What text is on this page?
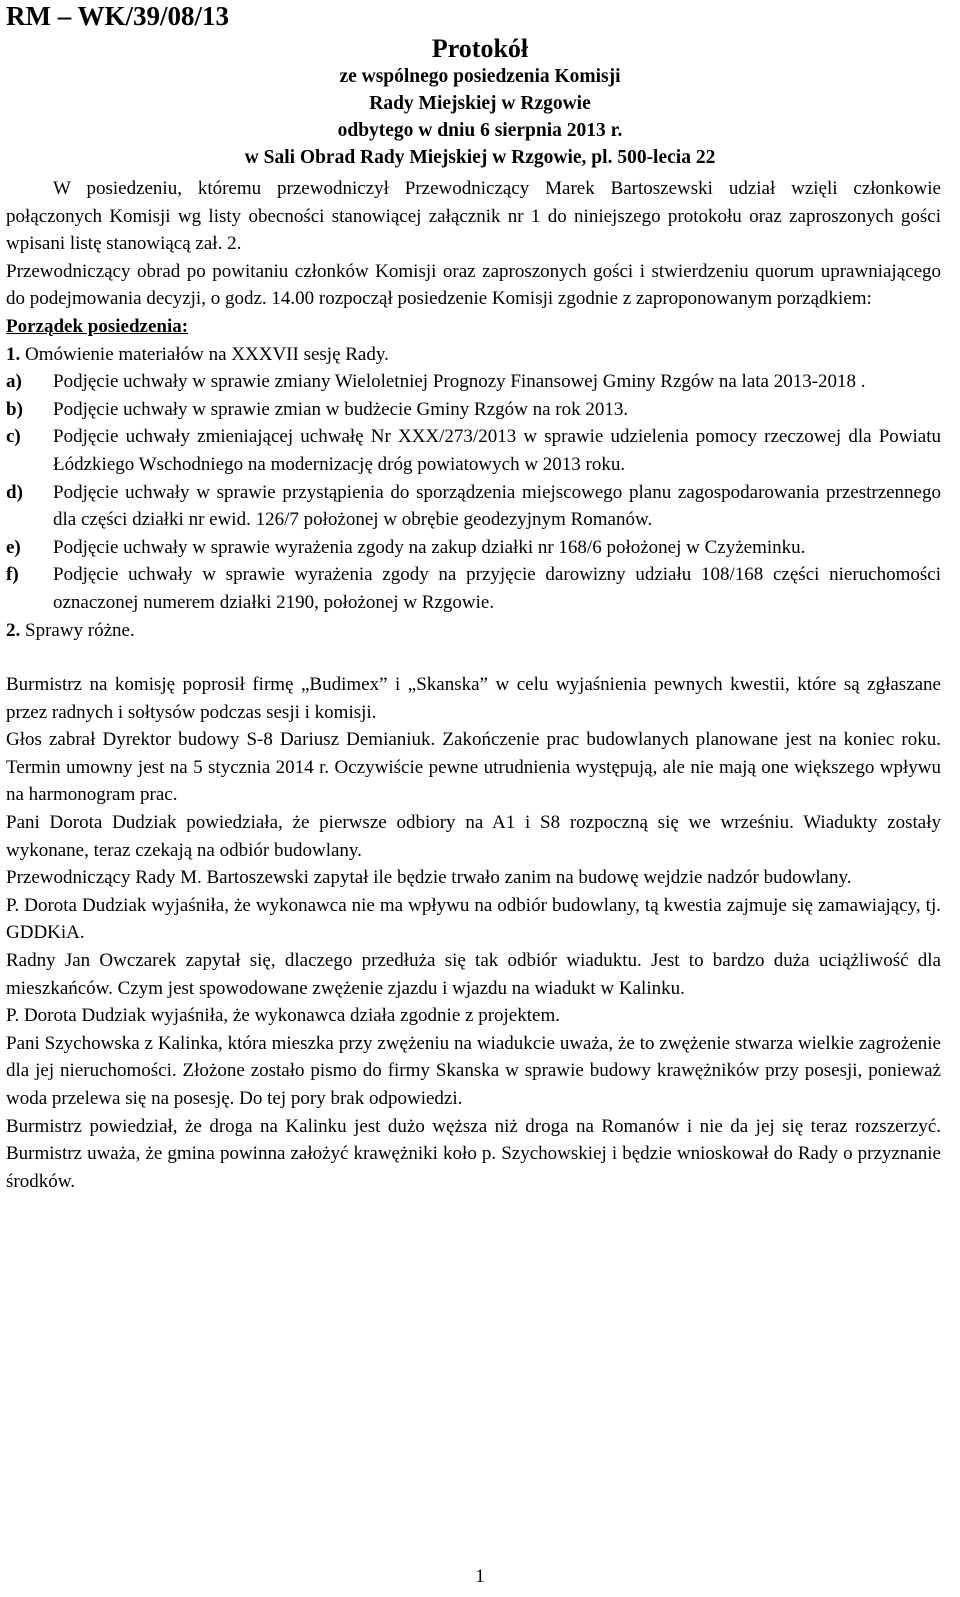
RM – WK/39/08/13
Protokół
ze wspólnego posiedzenia Komisji
Rady Miejskiej w Rzgowie
odbytego w dniu 6 sierpnia 2013 r.
w Sali Obrad Rady Miejskiej w Rzgowie, pl. 500-lecia 22

W posiedzeniu, któremu przewodniczył Przewodniczący Marek Bartoszewski udział wzięli członkowie połączonych Komisji wg listy obecności stanowiącej załącznik nr 1 do niniejszego protokołu oraz zaproszonych gości wpisani listę stanowiącą zał. 2.

Przewodniczący obrad po powitaniu członków Komisji oraz zaproszonych gości i stwierdzeniu quorum uprawniającego do podejmowania decyzji, o godz. 14.00 rozpoczął posiedzenie Komisji zgodnie z zaproponowanym porządkiem:

Porządek posiedzenia:

1. Omówienie materiałów na XXXVII sesję Rady.

a)	Podjęcie uchwały w sprawie zmiany Wieloletniej Prognozy Finansowej Gminy Rzgów na lata 2013-2018 .
b)	Podjęcie uchwały w sprawie zmian w budżecie Gminy Rzgów na rok 2013.
c)	Podjęcie uchwały zmieniającej uchwałę Nr XXX/273/2013 w sprawie udzielenia pomocy rzeczowej dla Powiatu Łódzkiego Wschodniego na modernizację dróg powiatowych w 2013 roku.
d)	Podjęcie uchwały w sprawie przystąpienia do sporządzenia miejscowego planu zagospodarowania przestrzennego dla części działki nr ewid. 126/7 położonej w obrębie geodezyjnym Romanów.
e)	Podjęcie uchwały w sprawie wyrażenia zgody na zakup działki nr 168/6 położonej w Czyżeminku.
f)	Podjęcie uchwały w sprawie wyrażenia zgody na przyjęcie darowizny udziału 108/168 części nieruchomości oznaczonej numerem działki 2190, położonej w Rzgowie.

2. Sprawy różne.

Burmistrz na komisję poprosił firmę „Budimex” i „Skanska” w celu wyjaśnienia pewnych kwestii, które są zgłaszane przez radnych i sołtysów podczas sesji i komisji.

Głos zabrał Dyrektor budowy S-8 Dariusz Demianiuk. Zakończenie prac budowlanych planowane jest na koniec roku. Termin umowny jest na 5 stycznia 2014 r. Oczywiście pewne utrudnienia występują, ale nie mają one większego wpływu na harmonogram prac.

Pani Dorota Dudziak powiedziała, że pierwsze odbiory na A1 i S8 rozpoczną się we wrześniu. Wiadukty zostały wykonane, teraz czekają na odbiór budowlany.

Przewodniczący Rady M. Bartoszewski zapytał ile będzie trwało zanim na budowę wejdzie nadzór budowlany.

P. Dorota Dudziak wyjaśniła, że wykonawca nie ma wpływu na odbiór budowlany, tą kwestia zajmuje się zamawiający, tj. GDDKiA.

Radny Jan Owczarek zapytał się, dlaczego przedłuża się tak odbiór wiaduktu. Jest to bardzo duża uciążliwość dla mieszkańców. Czym jest spowodowane zwężenie zjazdu i wjazdu na wiadukt w Kalinku.

P. Dorota Dudziak wyjaśniła, że wykonawca działa zgodnie z projektem.

Pani Szychowska z Kalinka, która mieszka przy zwężeniu na wiadukcie uważa, że to zwężenie stwarza wielkie zagrożenie dla jej nieruchomości. Złożone zostało pismo do firmy Skanska w sprawie budowy krawężników przy posesji, ponieważ woda przelewa się na posesję. Do tej pory brak odpowiedzi.

Burmistrz powiedział, że droga na Kalinku jest dużo węższa niż droga na Romanów i nie da jej się teraz rozszerzyć. Burmistrz uważa, że gmina powinna założyć krawężniki koło p. Szychowskiej i będzie wnioskował do Rady o przyznanie środków.

1
